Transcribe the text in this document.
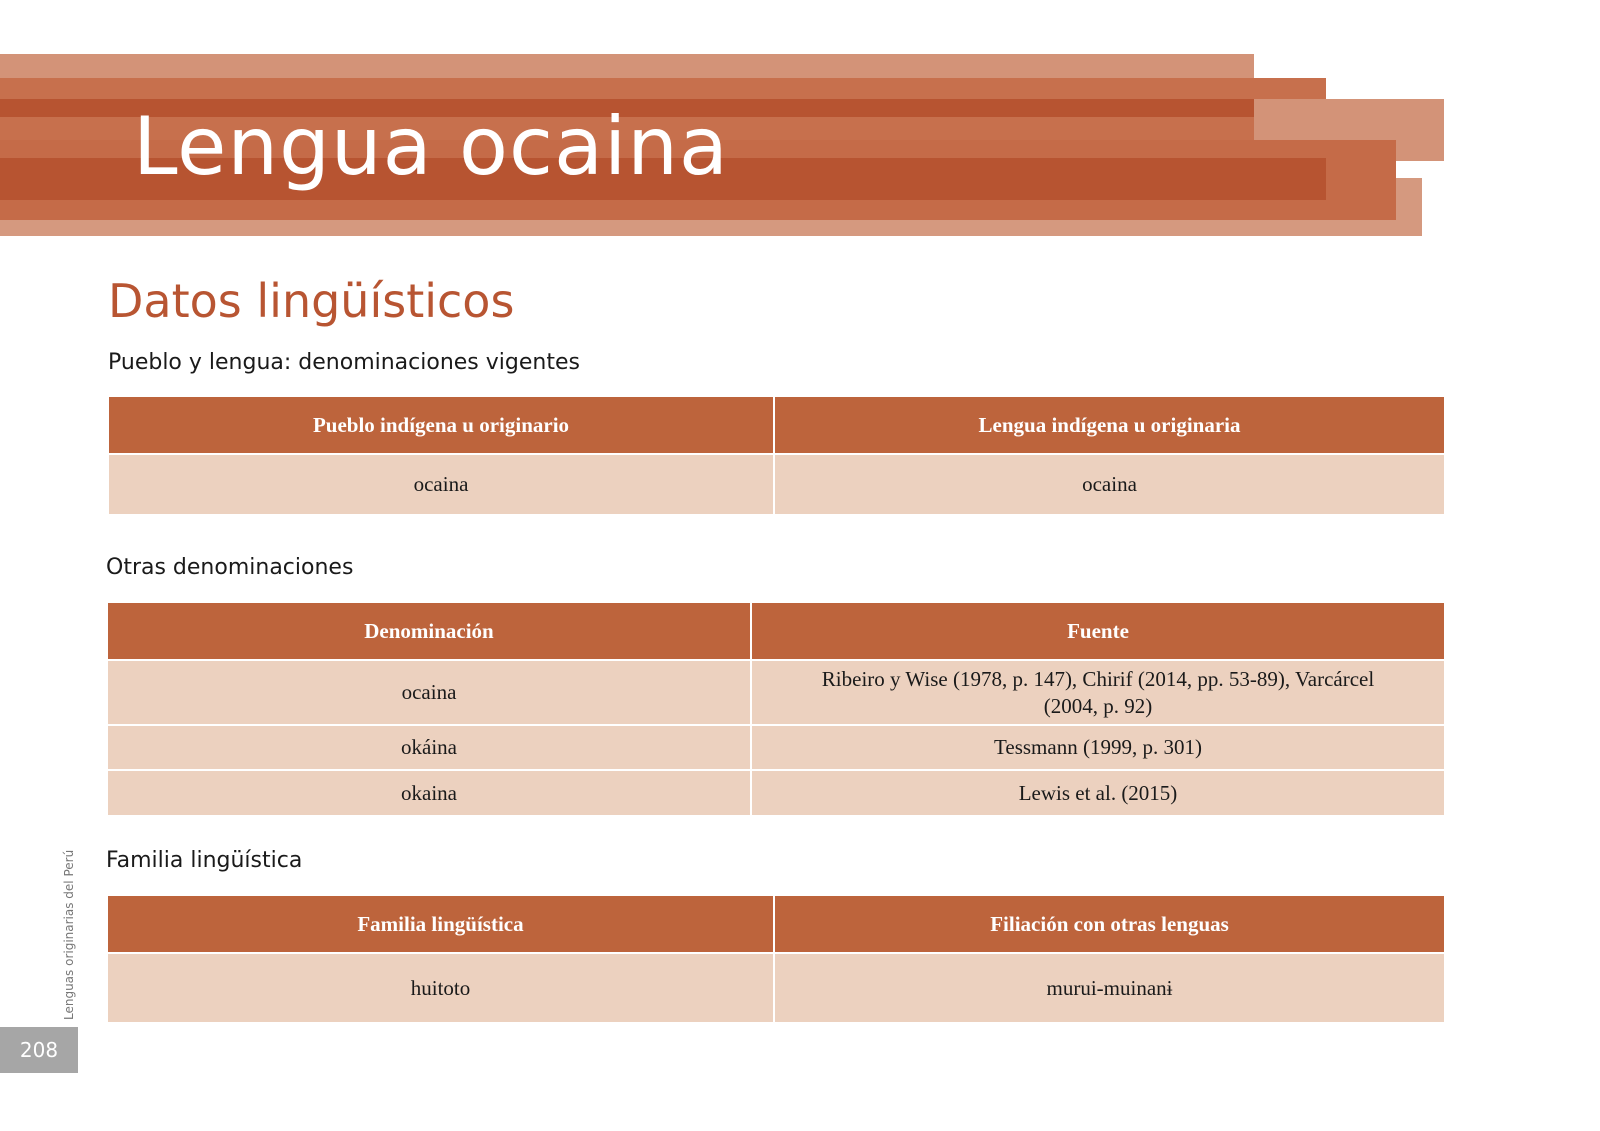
Lengua ocaina
Datos lingüísticos
Pueblo y lengua: denominaciones vigentes
Pueblo indígena u originario	Lengua indígena u originaria
ocaina	ocaina
Otras denominaciones
Denominación	Fuente
ocaina	Ribeiro y Wise (1978, p. 147), Chirif (2014, pp. 53-89), Varcárcel (2004, p. 92)
okáina	Tessmann (1999, p. 301)
okaina	Lewis et al. (2015)
Familia lingüística
Familia lingüística	Filiación con otras lenguas
huitoto	murui-muinanɨ
Lenguas originarias del Perú
208
